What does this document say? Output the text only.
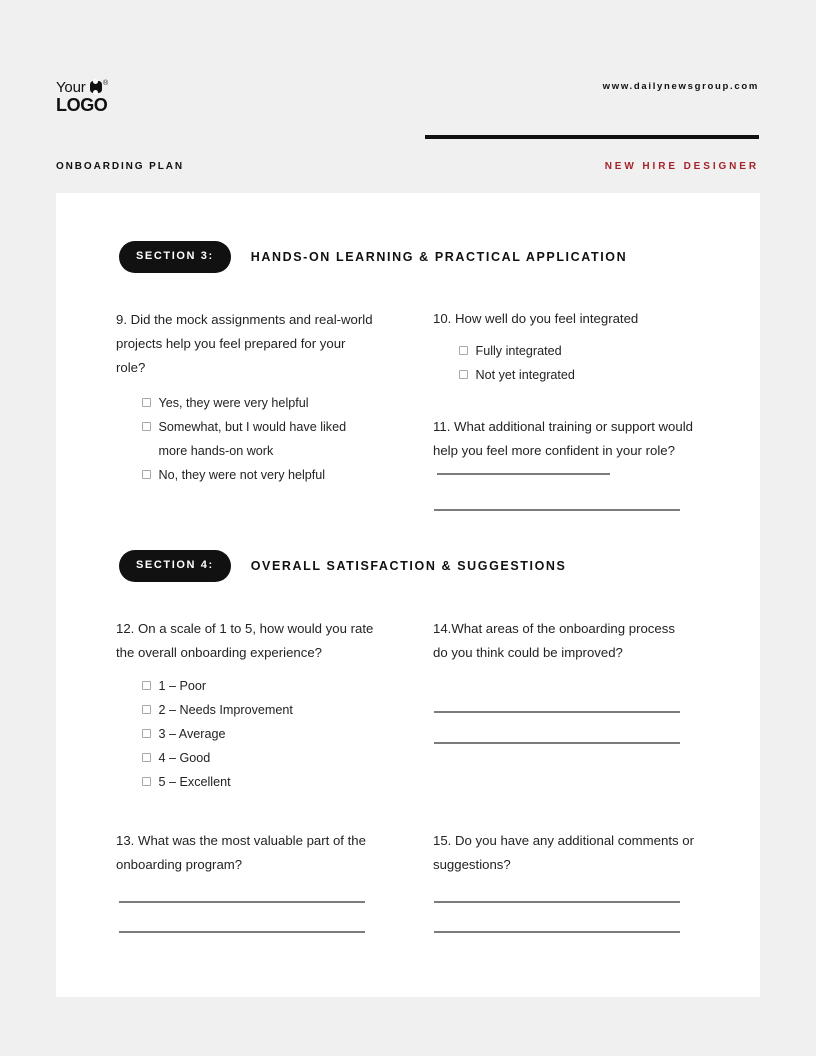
Your	®
LOGO
www.dailynewsgroup.com
ONBOARDING PLAN	NEW HIRE DESIGNER
SECTION 3:	HANDS-ON LEARNING & PRACTICAL APPLICATION
9. Did the mock assignments and real-world projects help you feel prepared for your role?
Yes, they were very helpful
Somewhat, but I would have liked more hands-on work
No, they were not very helpful
10. How well do you feel integrated
Fully integrated
Not yet integrated
11. What additional training or support would help you feel more confident in your role?
SECTION 4:	OVERALL SATISFACTION & SUGGESTIONS
12. On a scale of 1 to 5, how would you rate the overall onboarding experience?
1 – Poor
2 – Needs Improvement
3 – Average
4 – Good
5 – Excellent
14.What areas of the onboarding process do you think could be improved?
13. What was the most valuable part of the onboarding program?
15. Do you have any additional comments or suggestions?
